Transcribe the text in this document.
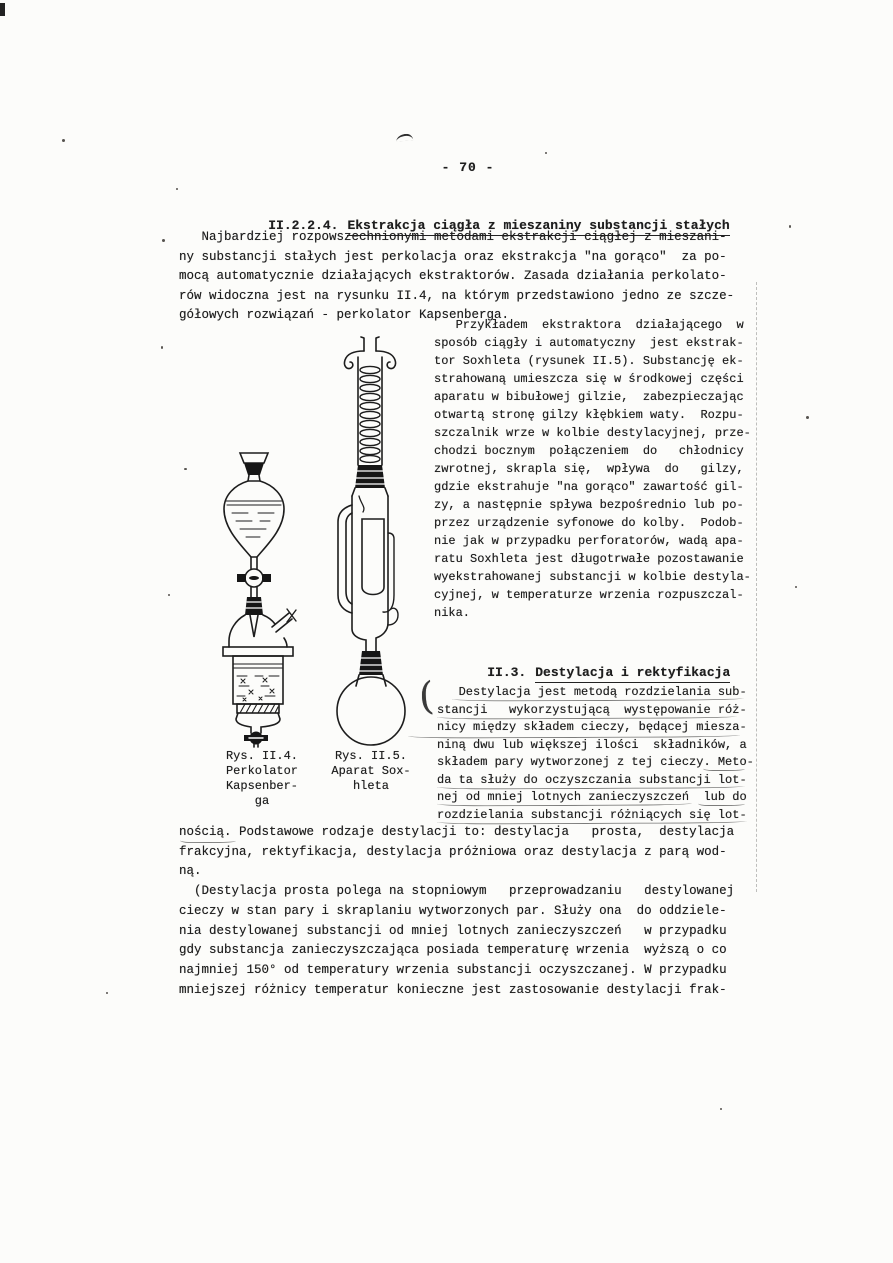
- 70 -

II.2.2.4. Ekstrakcja ciągła z mieszaniny substancji stałych

Najbardziej rozpowszechnionymi metodami ekstrakcji ciągłej z mieszani-
ny substancji stałych jest perkolacja oraz ekstrakcja "na gorąco"  za po-
mocą automatycznie działających ekstraktorów. Zasada działania perkolato-
rów widoczna jest na rysunku II.4, na którym przedstawiono jedno ze szcze-
gółowych rozwiązań - perkolator Kapsenberga.
Przykładem  ekstraktora  działającego  w
sposób ciągły i automatyczny  jest ekstrak-
tor Soxhleta (rysunek II.5). Substancję ek-
strahowaną umieszcza się w środkowej części
aparatu w bibułowej gilzie,  zabezpieczając
otwartą stronę gilzy kłębkiem waty.  Rozpu-
szczalnik wrze w kolbie destylacyjnej, prze-
chodzi bocznym  połączeniem  do   chłodnicy
zwrotnej, skrapla się,  wpływa  do   gilzy,
gdzie ekstrahuje "na gorąco" zawartość gil-
zy, a następnie spływa bezpośrednio lub po-
przez urządzenie syfonowe do kolby.  Podob-
nie jak w przypadku perforatorów, wadą apa-
ratu Soxhleta jest długotrwałe pozostawanie
wyekstrahowanej substancji w kolbie destyla-
cyjnej, w temperaturze wrzenia rozpuszczal-
nika.

II.3. Destylacja i rektyfikacja

( Destylacja jest metodą rozdzielania sub-
stancji   wykorzystującą  występowanie róż-
nicy między składem cieczy, będącej miesza-
niną dwu lub większej ilości  składników, a
składem pary wytworzonej z tej cieczy. Meto-
da ta służy do oczyszczania substancji lot-
nej od mniej lotnych zanieczyszczeń  lub do
rozdzielania substancji różniących się lot-
Rys. II.4.
Perkolator
Kapsenber-
ga
Rys. II.5.
Aparat Sox-
hleta
nością. Podstawowe rodzaje destylacji to: destylacja   prosta,  destylacja
frakcyjna, rektyfikacja, destylacja próżniowa oraz destylacja z parą wod-
ną.
(Destylacja prosta polega na stopniowym   przeprowadzaniu   destylowanej
cieczy w stan pary i skraplaniu wytworzonych par. Służy ona  do oddziele-
nia destylowanej substancji od mniej lotnych zanieczyszczeń   w przypadku
gdy substancja zanieczyszczająca posiada temperaturę wrzenia  wyższą o co
najmniej 150° od temperatury wrzenia substancji oczyszczanej. W przypadku
mniejszej różnicy temperatur konieczne jest zastosowanie destylacji frak-
